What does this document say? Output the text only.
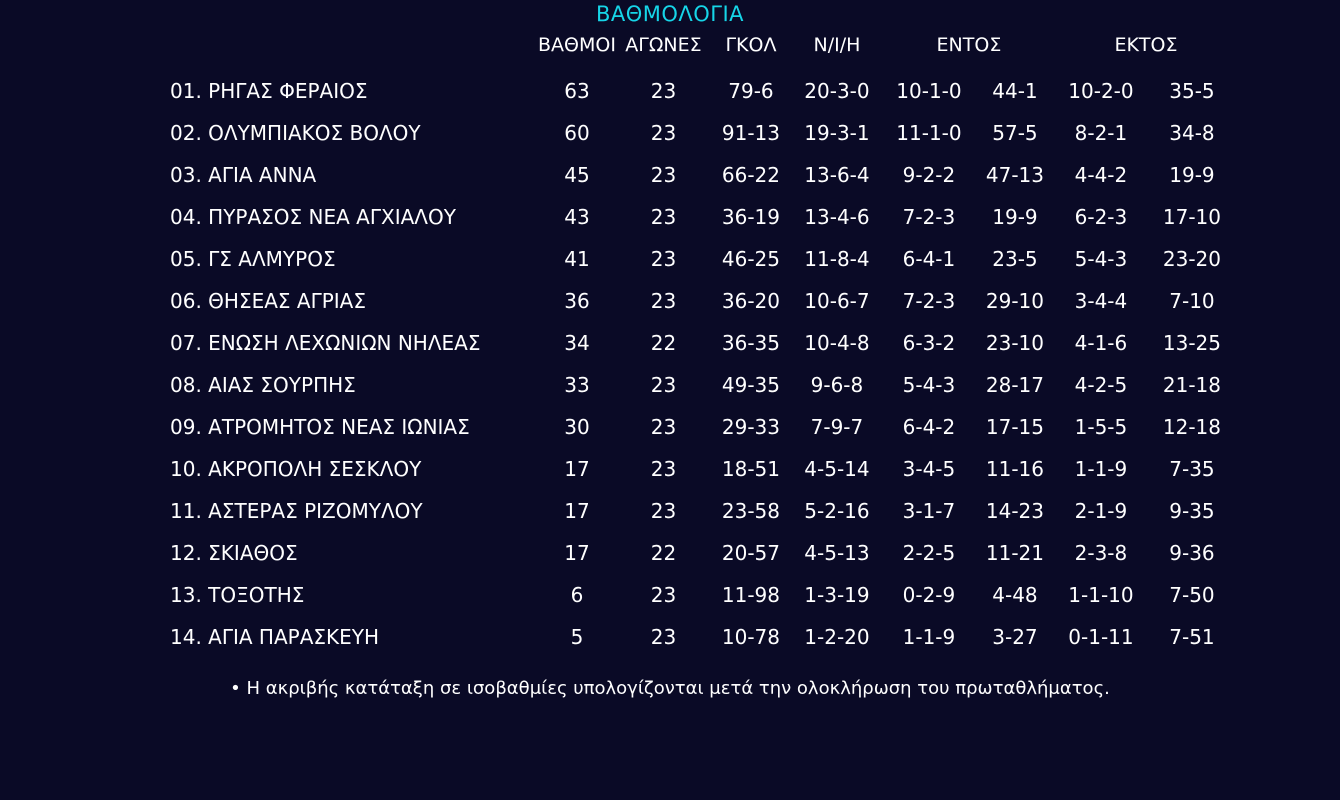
ΒΑΘΜΟΛΟΓΙΑ
	ΒΑΘΜΟΙ	ΑΓΩΝΕΣ	ΓΚΟΛ	Ν/Ι/Η	ΕΝΤΟΣ		ΕΚΤΟΣ	
01. ΡΗΓΑΣ ΦΕΡΑΙΟΣ	63	23	79-6	20-3-0	10-1-0	44-1	10-2-0	35-5
02. ΟΛΥΜΠΙΑΚΟΣ ΒΟΛΟΥ	60	23	91-13	19-3-1	11-1-0	57-5	8-2-1	34-8
03. ΑΓΙΑ ΑΝΝΑ	45	23	66-22	13-6-4	9-2-2	47-13	4-4-2	19-9
04. ΠΥΡΑΣΟΣ ΝΕΑ ΑΓΧΙΑΛΟΥ	43	23	36-19	13-4-6	7-2-3	19-9	6-2-3	17-10
05. ΓΣ ΑΛΜΥΡΟΣ	41	23	46-25	11-8-4	6-4-1	23-5	5-4-3	23-20
06. ΘΗΣΕΑΣ ΑΓΡΙΑΣ	36	23	36-20	10-6-7	7-2-3	29-10	3-4-4	7-10
07. ΕΝΩΣΗ ΛΕΧΩΝΙΩΝ ΝΗΛΕΑΣ	34	22	36-35	10-4-8	6-3-2	23-10	4-1-6	13-25
08. ΑΙΑΣ ΣΟΥΡΠΗΣ	33	23	49-35	9-6-8	5-4-3	28-17	4-2-5	21-18
09. ΑΤΡΟΜΗΤΟΣ ΝΕΑΣ ΙΩΝΙΑΣ	30	23	29-33	7-9-7	6-4-2	17-15	1-5-5	12-18
10. ΑΚΡΟΠΟΛΗ ΣΕΣΚΛΟΥ	17	23	18-51	4-5-14	3-4-5	11-16	1-1-9	7-35
11. ΑΣΤΕΡΑΣ ΡΙΖΟΜΥΛΟΥ	17	23	23-58	5-2-16	3-1-7	14-23	2-1-9	9-35
12. ΣΚΙΑΘΟΣ	17	22	20-57	4-5-13	2-2-5	11-21	2-3-8	9-36
13. ΤΟΞΟΤΗΣ	6	23	11-98	1-3-19	0-2-9	4-48	1-1-10	7-50
14. ΑΓΙΑ ΠΑΡΑΣΚΕΥΗ	5	23	10-78	1-2-20	1-1-9	3-27	0-1-11	7-51
• Η ακριβής κατάταξη σε ισοβαθμίες υπολογίζονται μετά την ολοκλήρωση του πρωταθλήματος.
